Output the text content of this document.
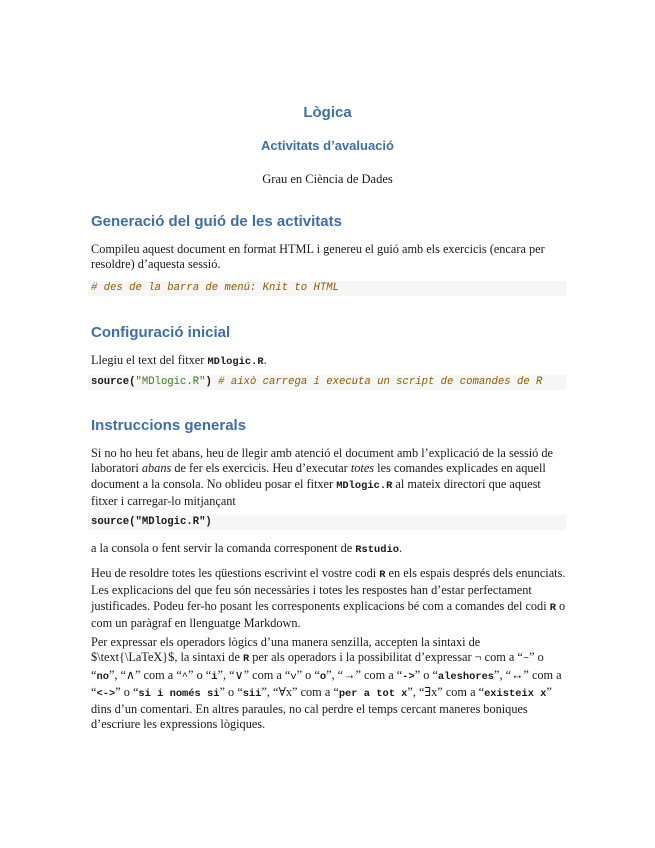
Lògica
Activitats d’avaluació
Grau en Ciència de Dades
Generació del guió de les activitats

Compileu aquest document en format HTML i genereu el guió amb els exercicis (encara per resoldre) d’aquesta sessió.

# des de la barra de menú: Knit to HTML
Configuració inicial

Llegiu el text del fitxer MDlogic.R.

source("MDlogic.R") # això carrega i executa un script de comandes de R
Instruccions generals

Si no ho heu fet abans, heu de llegir amb atenció el document amb l’explicació de la sessió de laboratori abans de fer els exercicis. Heu d’executar totes les comandes explicades en aquell document a la consola. No oblideu posar el fitxer MDlogic.R al mateix directori que aquest fitxer i carregar-lo mitjançant

source("MDlogic.R")

a la consola o fent servir la comanda corresponent de Rstudio.

Heu de resoldre totes les qüestions escrivint el vostre codi R en els espais després dels enunciats. Les explicacions del que feu són necessàries i totes les respostes han d’estar perfectament justificades. Podeu fer-ho posant les corresponents explicacions bé com a comandes del codi R o com un paràgraf en llenguatge Markdown.

Per expressar els operadors lògics d’una manera senzilla, accepten la sintaxi de $\text{\LaTeX}$, la sintaxi de R per als operadors i la possibilitat d’expressar ¬ com a “~” o “no”, “∧” com a “^” o “i”, “∨” com a “v” o “o”, “→” com a “->” o “aleshores”, “↔” com a “<->” o “si i només si” o “sii”, “∀x” com a “per a tot x”, “∃x” com a “existeix x” dins d’un comentari. En altres paraules, no cal perdre el temps cercant maneres boniques d’escriure les expressions lògiques.
